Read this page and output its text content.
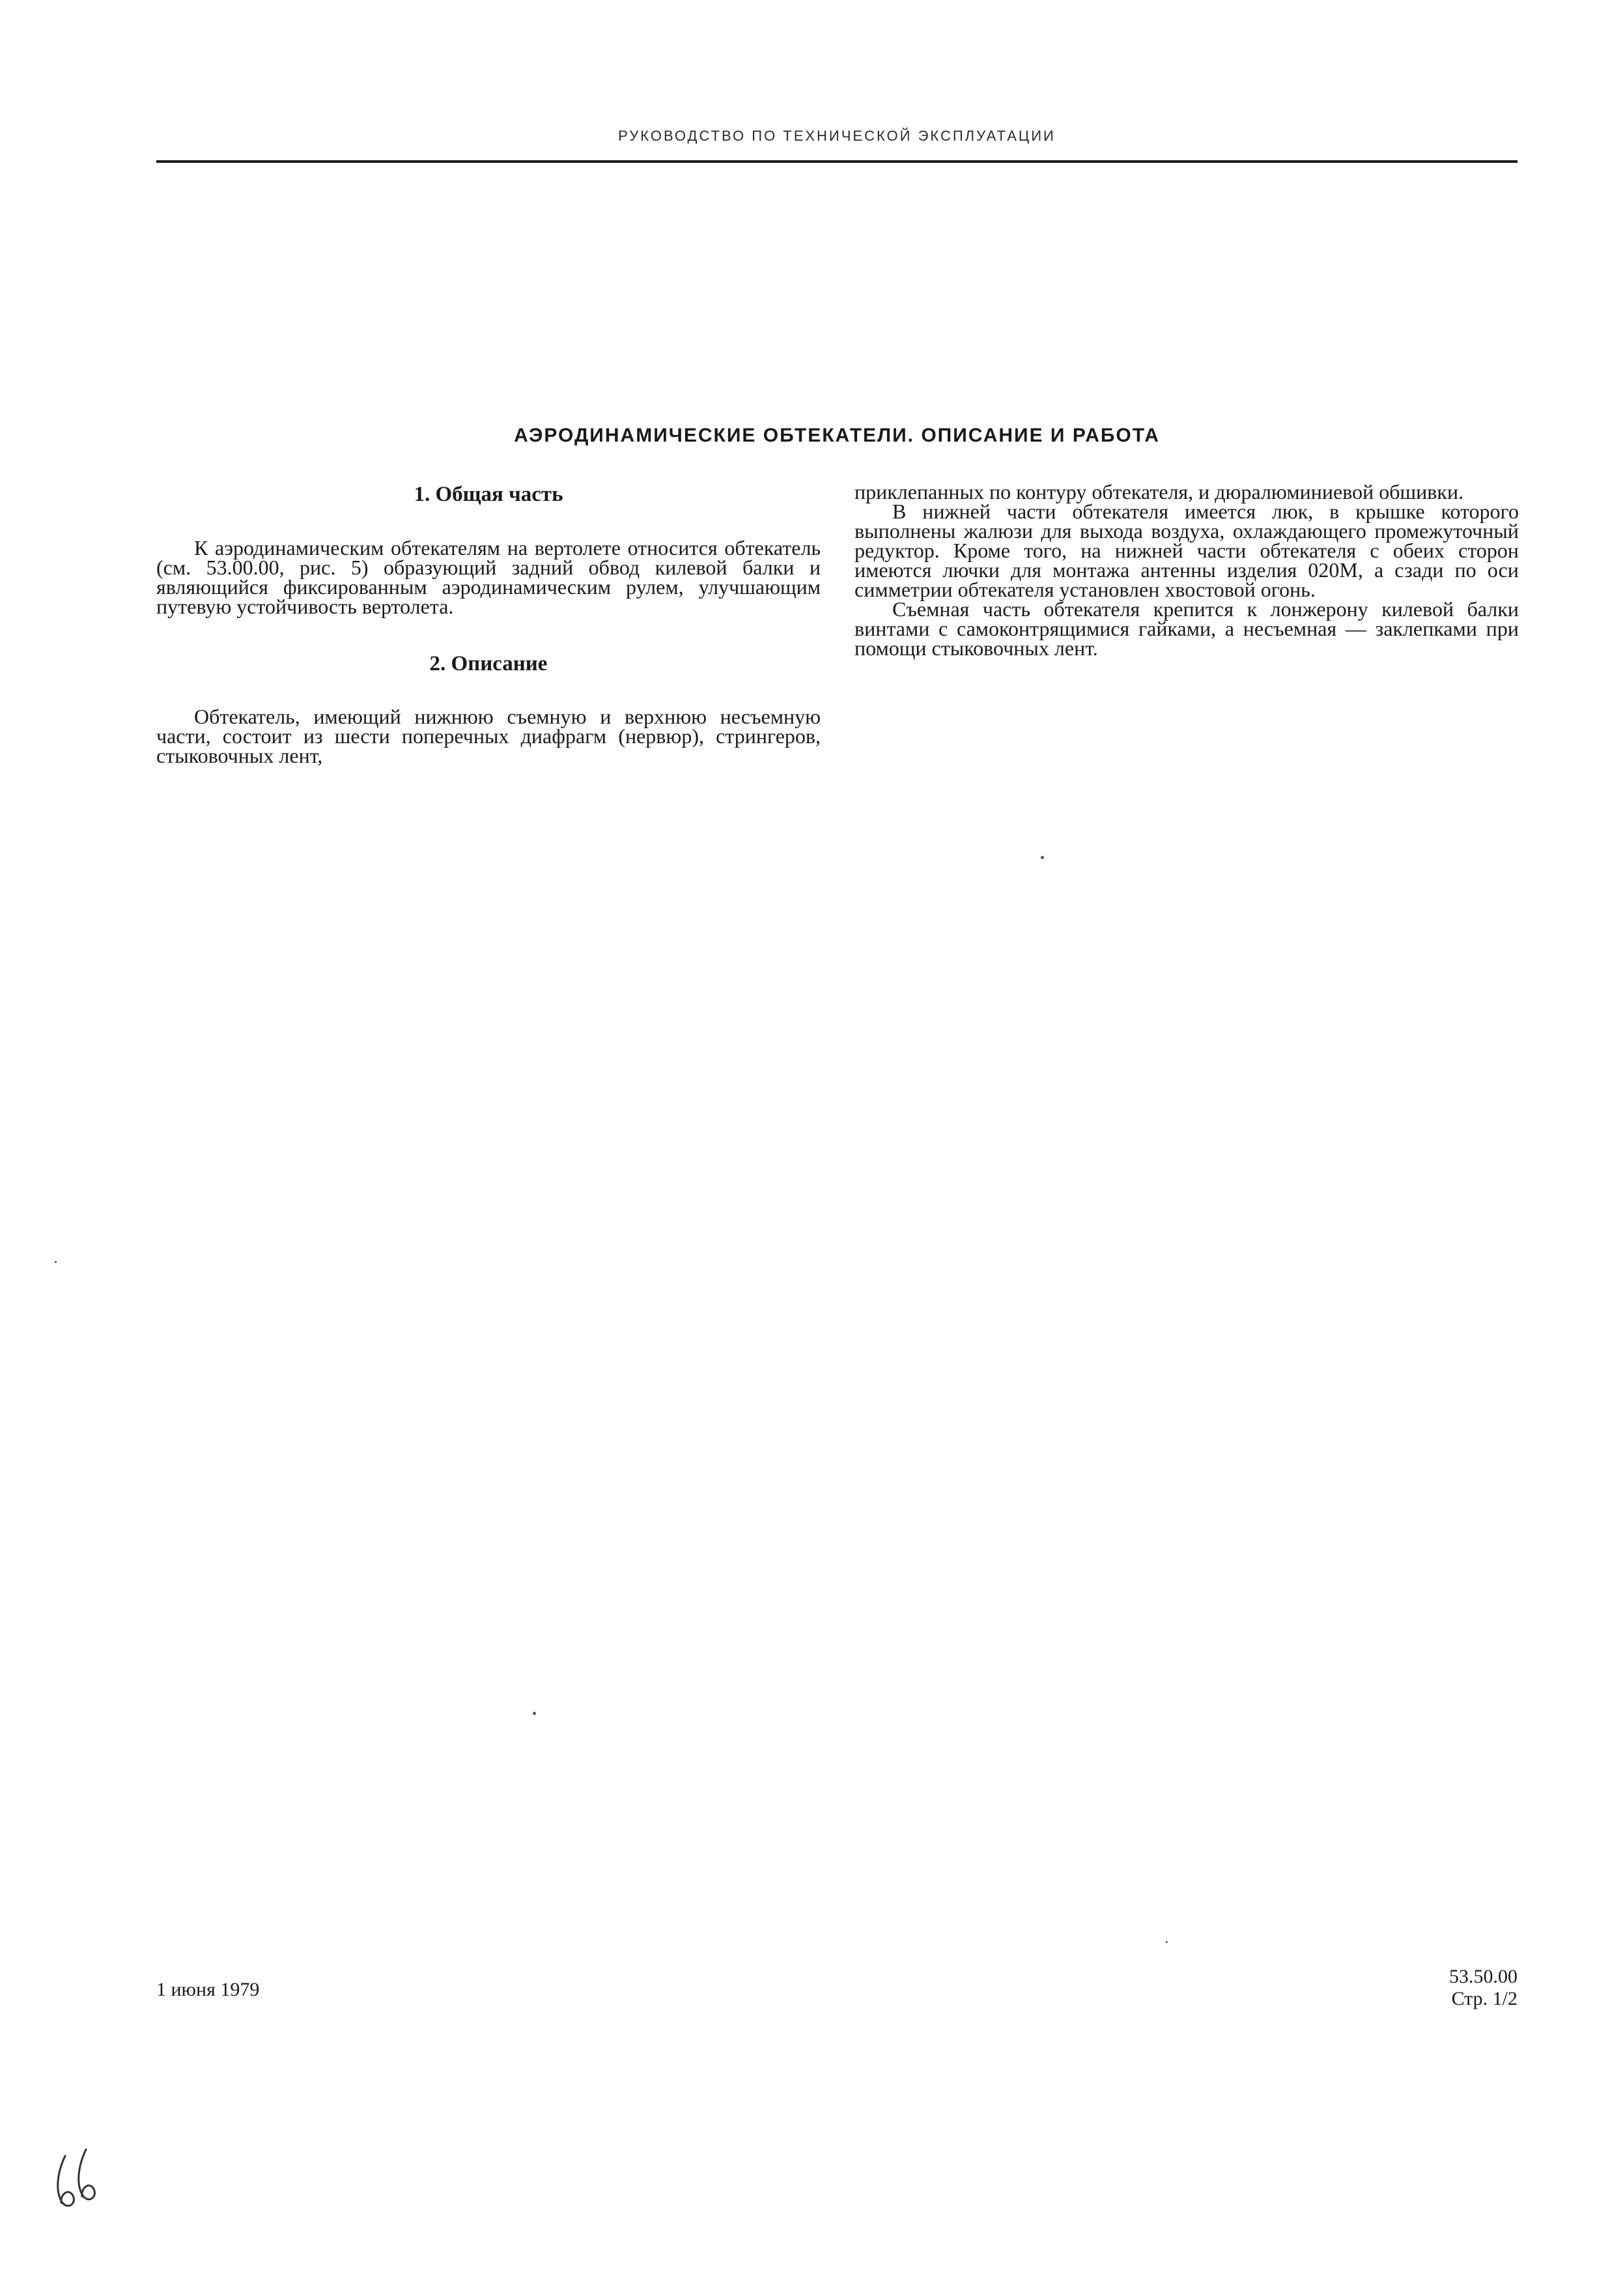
РУКОВОДСТВО ПО ТЕХНИЧЕСКОЙ ЭКСПЛУАТАЦИИ
АЭРОДИНАМИЧЕСКИЕ ОБТЕКАТЕЛИ. ОПИСАНИЕ И РАБОТА
1. Общая часть

К аэродинамическим обтекателям на вертолете относится обтекатель (см. 53.00.00, рис. 5) образующий задний обвод килевой балки и являющийся фиксированным аэродинамическим рулем, улучшающим путевую устойчивость вертолета.

2. Описание

Обтекатель, имеющий нижнюю съемную и верхнюю несъемную части, состоит из шести поперечных диафрагм (нервюр), стрингеров, стыковочных лент,

приклепанных по контуру обтекателя, и дюралюминиевой обшивки.

В нижней части обтекателя имеется люк, в крышке которого выполнены жалюзи для выхода воздуха, охлаждающего промежуточный редуктор. Кроме того, на нижней части обтекателя с обеих сторон имеются лючки для монтажа антенны изделия 020М, а сзади по оси симметрии обтекателя установлен хвостовой огонь.

Съемная часть обтекателя крепится к лонжерону килевой балки винтами с самоконтрящимися гайками, а несъемная — заклепками при помощи стыковочных лент.

1 июня 1979
53.50.00
Стр. 1/2
